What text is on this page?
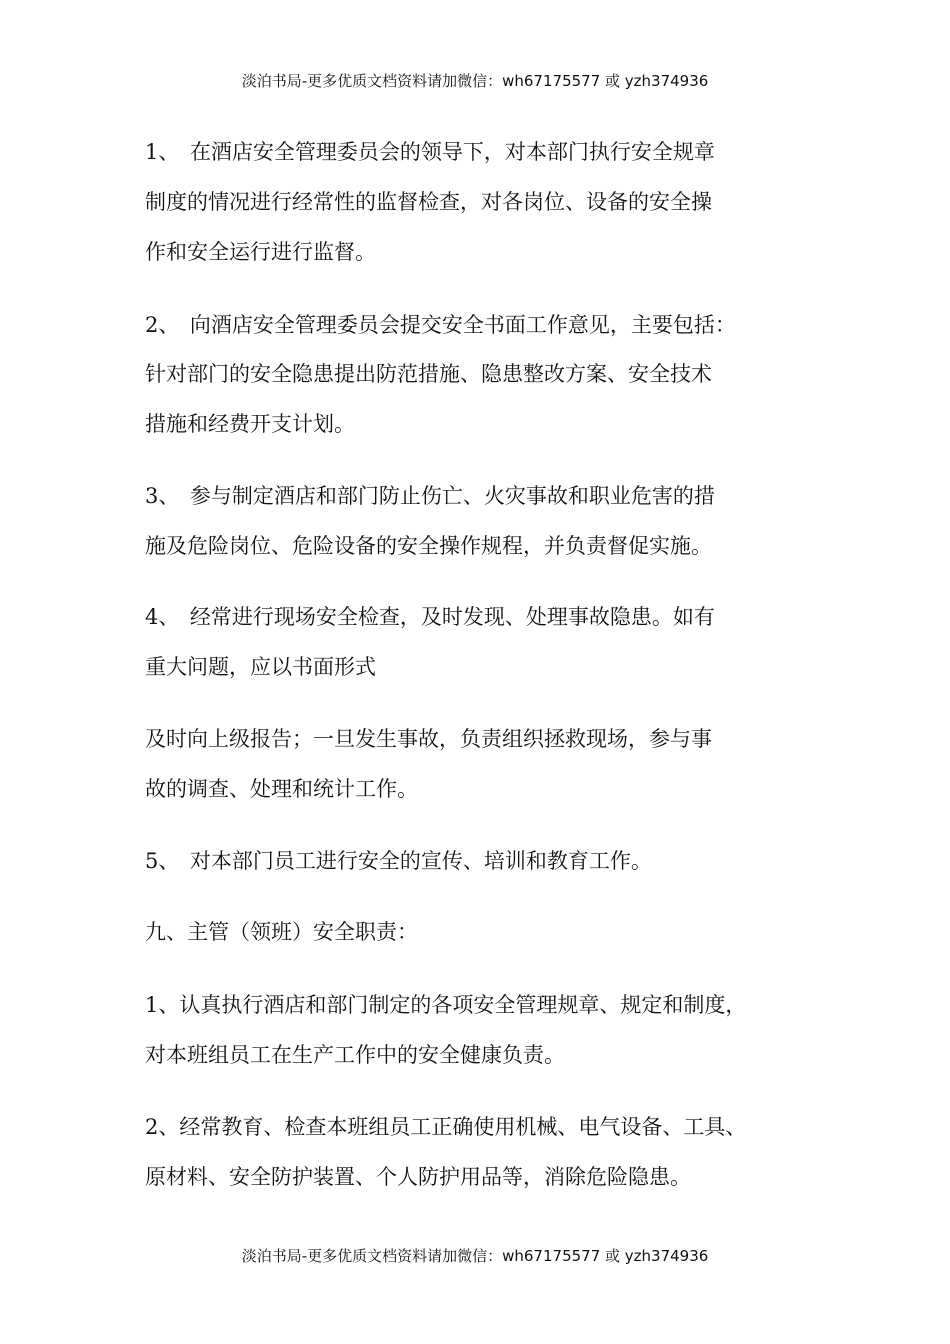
淡泊书局-更多优质文档资料请加微信：wh67175577 或 yzh374936

1、　在酒店安全管理委员会的领导下，对本部门执行安全规章

制度的情况进行经常性的监督检查，对各岗位、设备的安全操

作和安全运行进行监督。

2、　向酒店安全管理委员会提交安全书面工作意见，主要包括：

针对部门的安全隐患提出防范措施、隐患整改方案、安全技术

措施和经费开支计划。

3、　参与制定酒店和部门防止伤亡、火灾事故和职业危害的措

施及危险岗位、危险设备的安全操作规程，并负责督促实施。

4、　经常进行现场安全检查，及时发现、处理事故隐患。如有

重大问题，应以书面形式

及时向上级报告；一旦发生事故，负责组织拯救现场，参与事

故的调查、处理和统计工作。

5、　对本部门员工进行安全的宣传、培训和教育工作。

九、主管（领班）安全职责：

1、认真执行酒店和部门制定的各项安全管理规章、规定和制度，

对本班组员工在生产工作中的安全健康负责。

2、经常教育、检查本班组员工正确使用机械、电气设备、工具、

原材料、安全防护装置、个人防护用品等，消除危险隐患。

淡泊书局-更多优质文档资料请加微信：wh67175577 或 yzh374936
